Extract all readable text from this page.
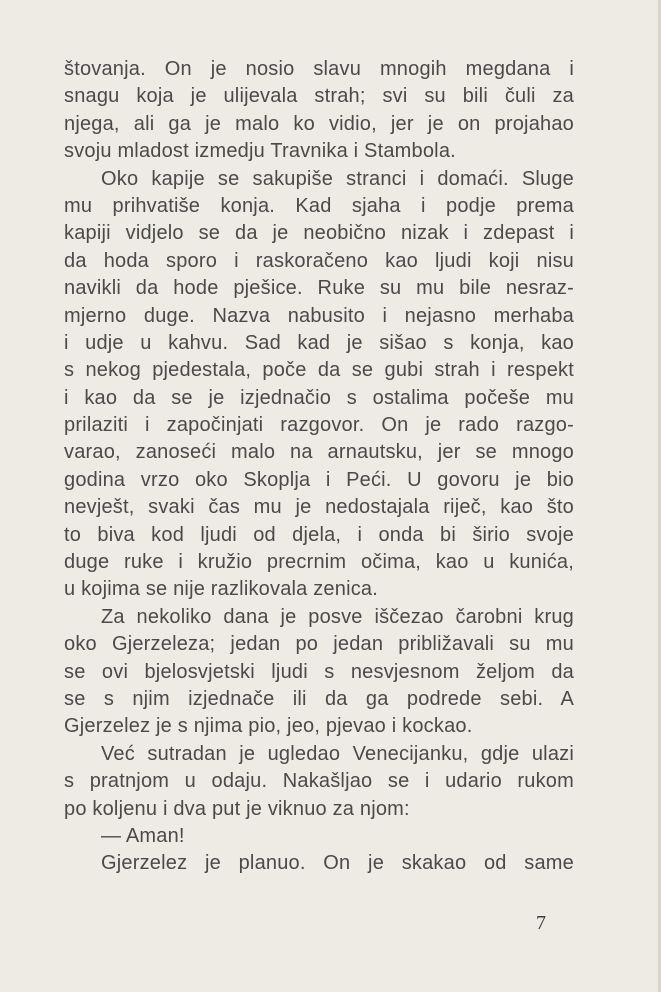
štovanja. On je nosio slavu mnogih megdana i
snagu koja je ulijevala strah; svi su bili čuli za
njega, ali ga je malo ko vidio, jer je on projahao
svoju mladost izmedju Travnika i Stambola.
Oko kapije se sakupiše stranci i domaći. Sluge
mu prihvatiše konja. Kad sjaha i podje prema
kapiji vidjelo se da je neobično nizak i zdepast i
da hoda sporo i raskoračeno kao ljudi koji nisu
navikli da hode pješice. Ruke su mu bile nesraz-
mjerno duge. Nazva nabusito i nejasno merhaba
i udje u kahvu. Sad kad je sišao s konja, kao
s nekog pjedestala, poče da se gubi strah i respekt
i kao da se je izjednačio s ostalima počeše mu
prilaziti i započinjati razgovor. On je rado razgo-
varao, zanoseći malo na arnautsku, jer se mnogo
godina vrzo oko Skoplja i Peći. U govoru je bio
nevješt, svaki čas mu je nedostajala riječ, kao što
to biva kod ljudi od djela, i onda bi širio svoje
duge ruke i kružio precrnim očima, kao u kunića,
u kojima se nije razlikovala zenica.
Za nekoliko dana je posve iščezao čarobni krug
oko Gjerzeleza; jedan po jedan približavali su mu
se ovi bjelosvjetski ljudi s nesvjesnom željom da
se s njim izjednače ili da ga podrede sebi. A
Gjerzelez je s njima pio, jeo, pjevao i kockao.
Već sutradan je ugledao Venecijanku, gdje ulazi
s pratnjom u odaju. Nakašljao se i udario rukom
po koljenu i dva put je viknuo za njom:
— Aman!
Gjerzelez je planuo. On je skakao od same
7
